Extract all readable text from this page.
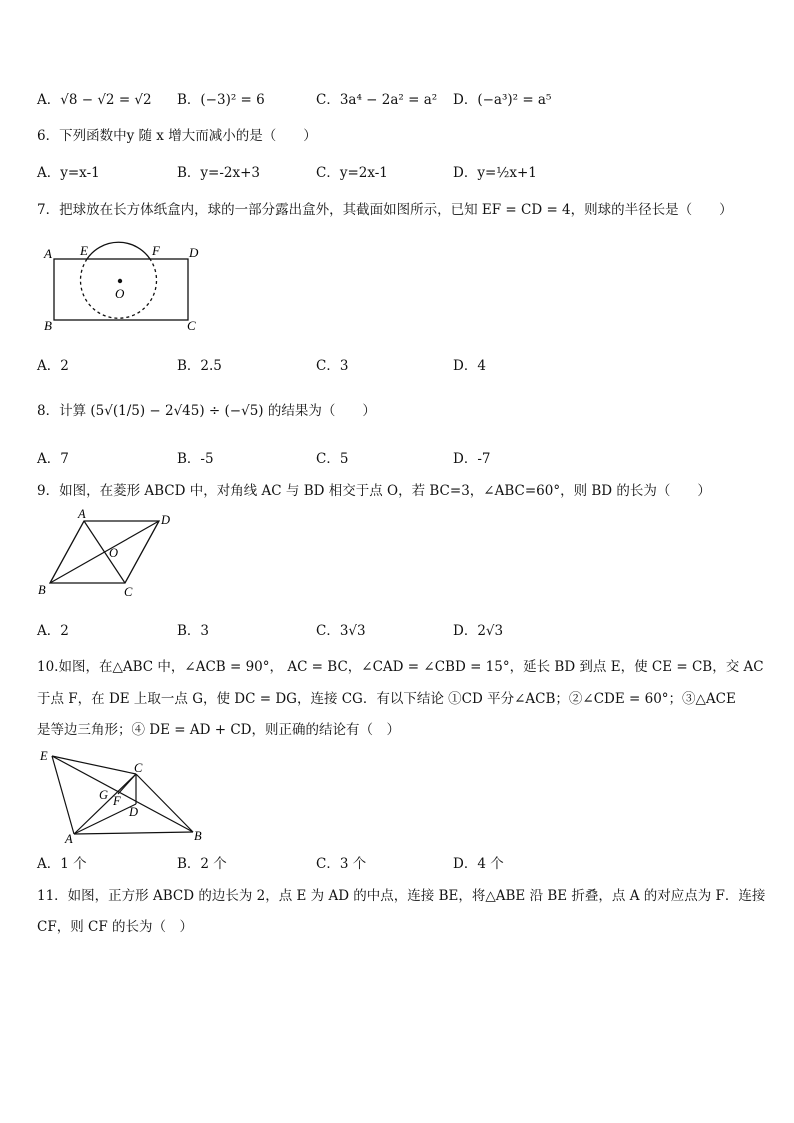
A．√8 − √2 = √2 B．(−3)² = 6	C．3a⁴ − 2a² = a² D．(−a³)² = a⁵
6．下列函数中y 随 x 增大而减小的是（　　）
A．y=x-1	B．y=-2x+3	C．y=2x-1	D．y=½x+1
7．把球放在长方体纸盒内，球的一部分露出盒外，其截面如图所示，已知 EF = CD = 4，则球的半径长是（　　）
A E	F D
O
B	C
A．2	B．2.5	C．3	D．4
8．计算 (5√(1/5) − 2√45) ÷ (−√5) 的结果为（　　）
A．7	B．-5	C．5	D．-7
9．如图，在菱形 ABCD 中，对角线 AC 与 BD 相交于点 O，若 BC=3，∠ABC=60°，则 BD 的长为（　　）
A	D
O
B	C
A．2	B．3	C．3√3	D．2√3
10.如图，在△ABC 中，∠ACB = 90°， AC = BC，∠CAD = ∠CBD = 15°，延长 BD 到点 E，使 CE = CB，交 AC
于点 F，在 DE 上取一点 G，使 DC = DG，连接 CG．有以下结论 ①CD 平分∠ACB；②∠CDE = 60°；③△ACE
是等边三角形；④ DE = AD + CD，则正确的结论有（　）
E
C
G F
D
A	B
A．1 个	B．2 个	C．3 个	D．4 个
11．如图，正方形 ABCD 的边长为 2，点 E 为 AD 的中点，连接 BE，将△ABE 沿 BE 折叠，点 A 的对应点为 F．连接
CF，则 CF 的长为（　）
